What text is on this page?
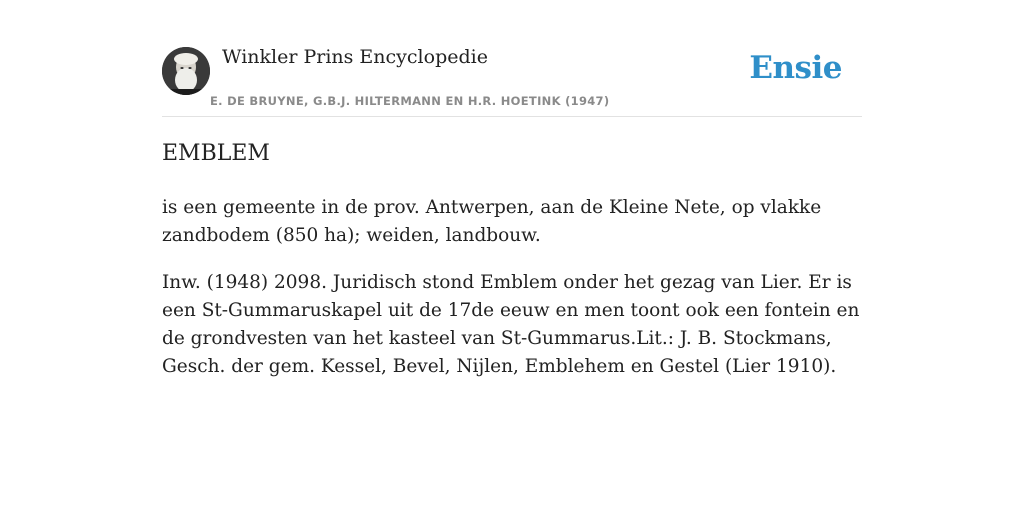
Winkler Prins Encyclopedie
E. DE BRUYNE, G.B.J. HILTERMANN EN H.R. HOETINK (1947)
Ensie
EMBLEM

is een gemeente in de prov. Antwerpen, aan de Kleine Nete, op vlakke zandbodem (850 ha); weiden, landbouw.

Inw. (1948) 2098. Juridisch stond Emblem onder het gezag van Lier. Er is een St-Gummaruskapel uit de 17de eeuw en men toont ook een fontein en de grondvesten van het kasteel van St-Gummarus.Lit.: J. B. Stockmans, Gesch. der gem. Kessel, Bevel, Nijlen, Emblehem en Gestel (Lier 1910).
